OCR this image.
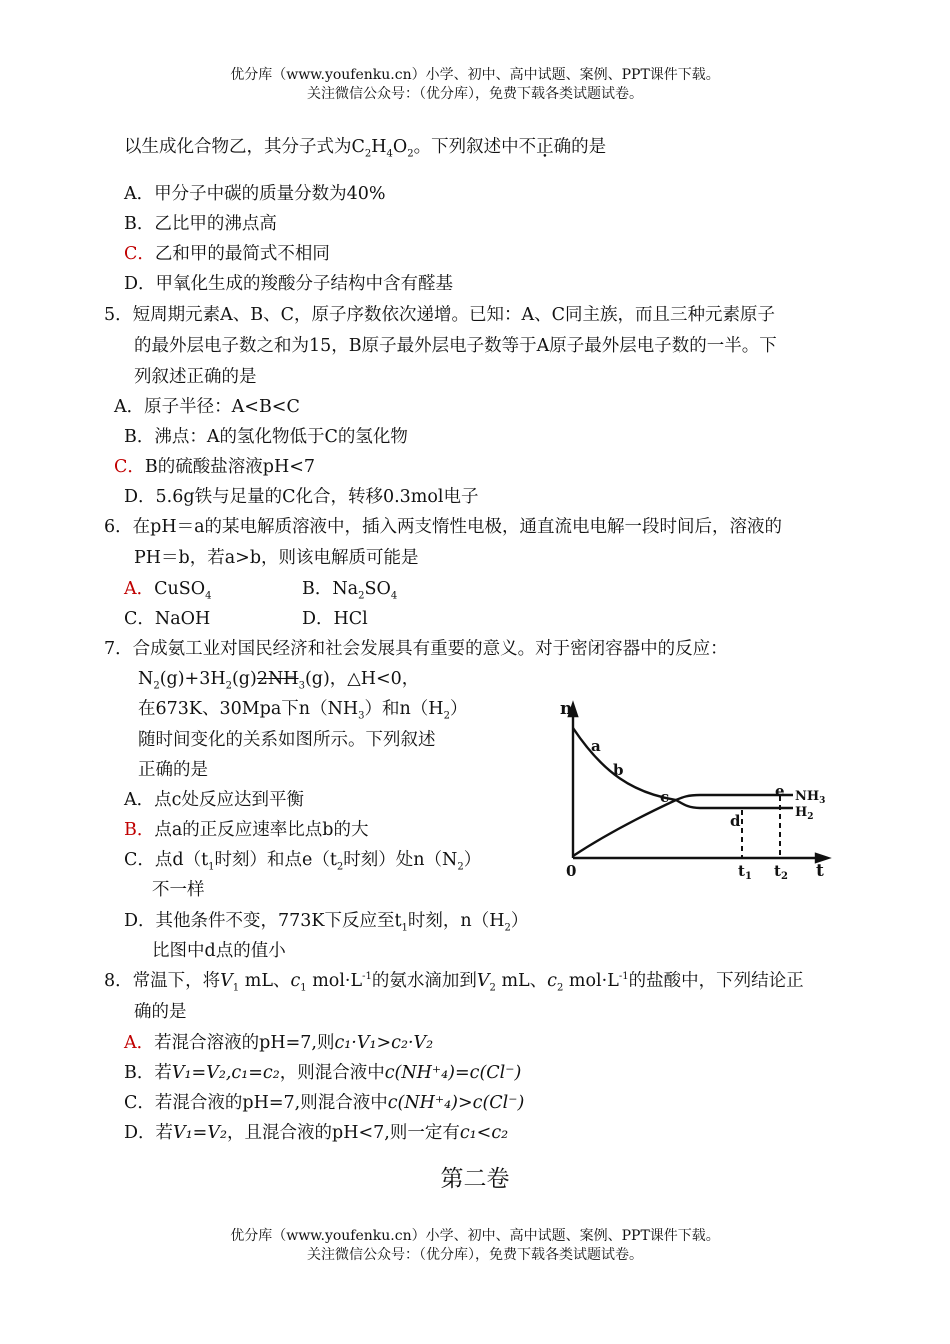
优分库（www.youfenku.cn）小学、初中、高中试题、案例、PPT课件下载。
关注微信公众号：（优分库），免费下载各类试题试卷。
以生成化合物乙，其分子式为$C_2H_4O_2$。下列叙述中不正确的是
A．甲分子中碳的质量分数为40%
B．乙比甲的沸点高
C．乙和甲的最简式不相同
D．甲氧化生成的羧酸分子结构中含有醛基
5．短周期元素A、B、C，原子序数依次递增。已知：A、C同主族，而且三种元素原子
的最外层电子数之和为15，B原子最外层电子数等于A原子最外层电子数的一半。下
列叙述正确的是
A．原子半径：A<B<C
B．沸点：A的氢化物低于C的氢化物
C．B的硫酸盐溶液pH<7
D．5.6g铁与足量的C化合，转移0.3mol电子
6．在pH＝a的某电解质溶液中，插入两支惰性电极，通直流电电解一段时间后，溶液的
PH＝b，若a>b，则该电解质可能是
A．CuSO$_4$	B．$Na_2SO_4$
C．NaOH	D．HCl
7．合成氨工业对国民经济和社会发展具有重要的意义。对于密闭容器中的反应：
$N_2(g)+3H_2(g)2NH_3(g)$，△H<0，
在673K、30Mpa下$n(NH_3)$和$n(H_2)$
随时间变化的关系如图所示。下列叙述
正确的是
A．点c处反应达到平衡
B．点a的正反应速率比点b的大
C．点$d(t_1$时刻）和点$e(t_2$时刻）处$n(N_2)$
不一样
D．其他条件不变，773K下反应至$t_1$时刻，$n(H_2)$
比图中d点的值小
n
t
0
a
b
c
d
e $NH_3$
$H_2$
$t_1$ $t_2$
8．常温下，将$V_1$ mL、$c_1$ $mol\cdot L^{-1}$的氨水滴加到$V_2$ mL、$c_2$ $mol\cdot L^{-1}$的盐酸中，下列结论正
确的是
A．若混合溶液的pH=7,则c₁·V₁>c₂·V₂
B．若V₁=V₂,c₁=c₂，则混合液中c(NH⁺₄)=c(Cl⁻)
C．若混合液的pH=7,则混合液中c(NH⁺₄)>c(Cl⁻)
D．若V₁=V₂，且混合液的pH<7,则一定有c₁<c₂
第二卷
优分库（www.youfenku.cn）小学、初中、高中试题、案例、PPT课件下载。
关注微信公众号：（优分库），免费下载各类试题试卷。
